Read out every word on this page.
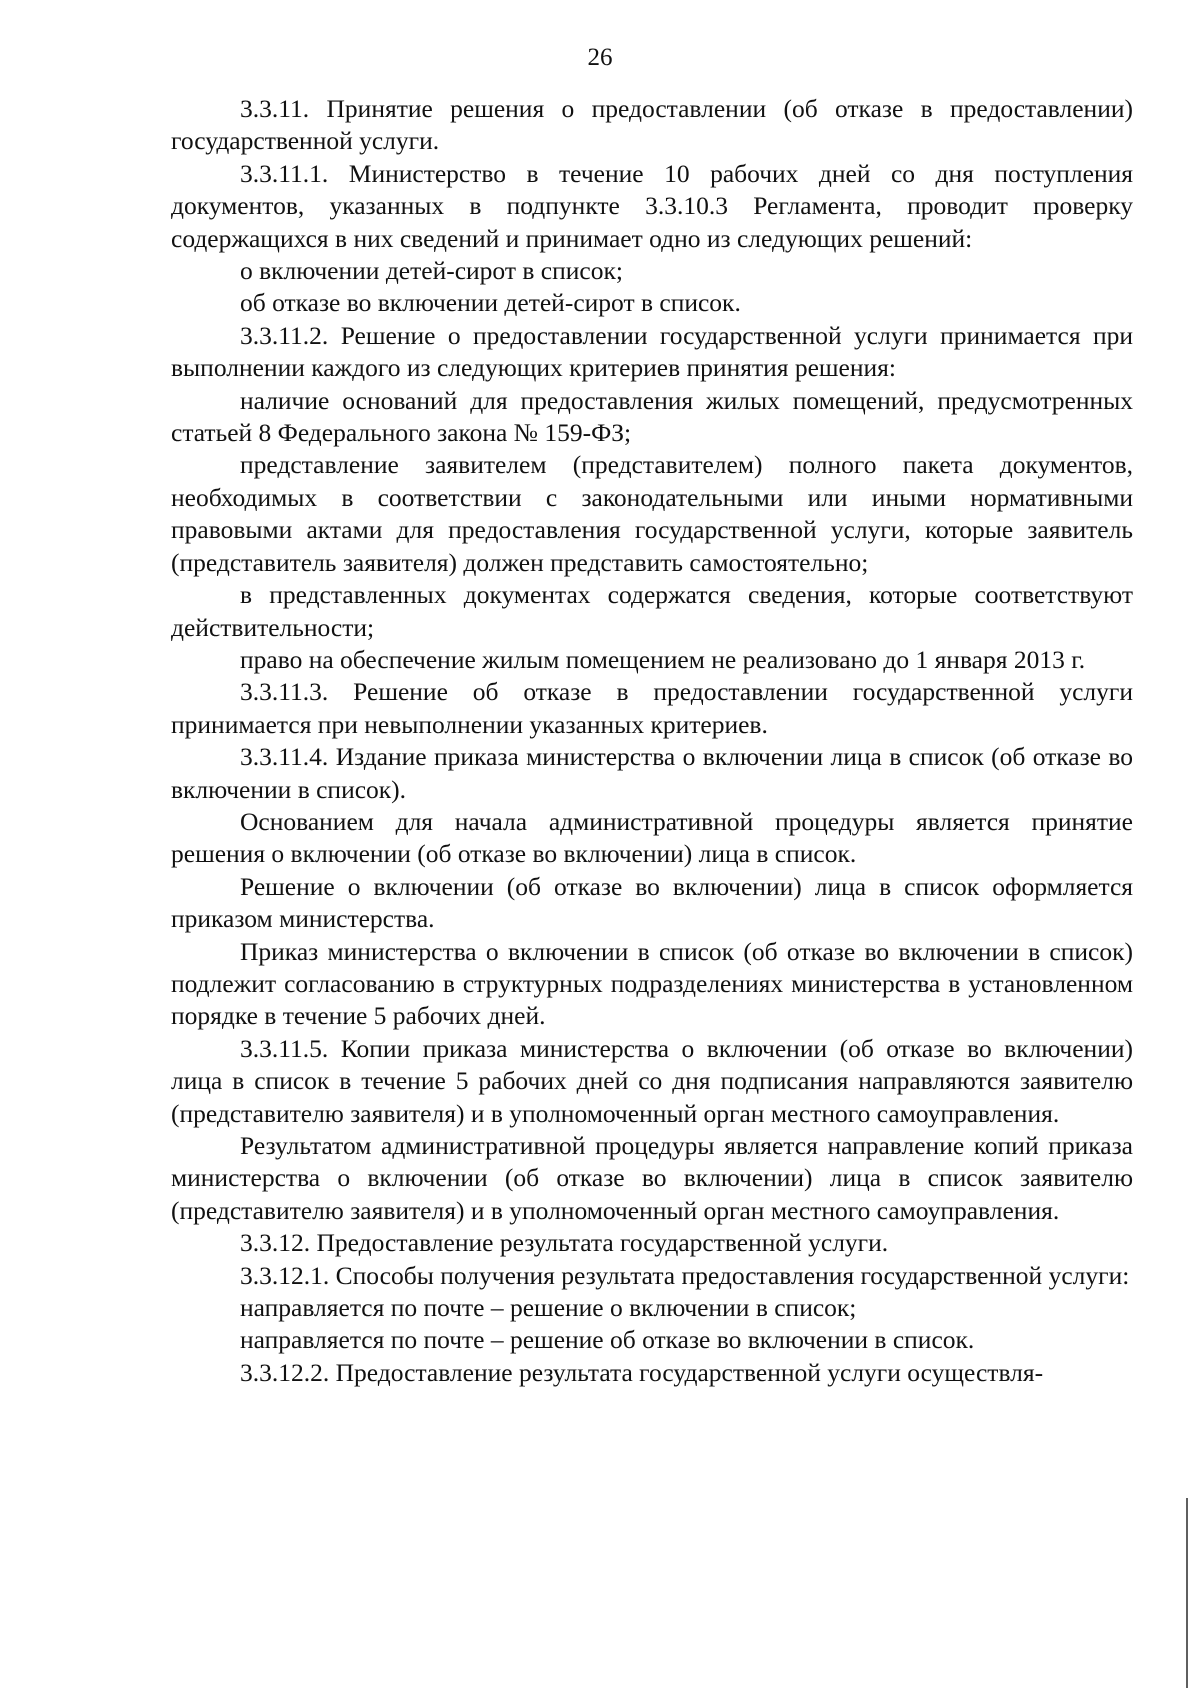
26

3.3.11. Принятие решения о предоставлении (об отказе в предоставлении) государственной услуги.

3.3.11.1. Министерство в течение 10 рабочих дней со дня поступления документов, указанных в подпункте 3.3.10.3 Регламента, проводит проверку содержащихся в них сведений и принимает одно из следующих решений:

о включении детей-сирот в список;

об отказе во включении детей-сирот в список.

3.3.11.2. Решение о предоставлении государственной услуги принимается при выполнении каждого из следующих критериев принятия решения:

наличие оснований для предоставления жилых помещений, предусмотренных статьей 8 Федерального закона № 159-ФЗ;

представление заявителем (представителем) полного пакета документов, необходимых в соответствии с законодательными или иными нормативными правовыми актами для предоставления государственной услуги, которые заявитель (представитель заявителя) должен представить самостоятельно;

в представленных документах содержатся сведения, которые соответствуют действительности;

право на обеспечение жилым помещением не реализовано до 1 января 2013 г.

3.3.11.3. Решение об отказе в предоставлении государственной услуги принимается при невыполнении указанных критериев.

3.3.11.4. Издание приказа министерства о включении лица в список (об отказе во включении в список).

Основанием для начала административной процедуры является принятие решения о включении (об отказе во включении) лица в список.

Решение о включении (об отказе во включении) лица в список оформляется приказом министерства.

Приказ министерства о включении в список (об отказе во включении в список) подлежит согласованию в структурных подразделениях министерства в установленном порядке в течение 5 рабочих дней.

3.3.11.5. Копии приказа министерства о включении (об отказе во включении) лица в список в течение 5 рабочих дней со дня подписания направляются заявителю (представителю заявителя) и в уполномоченный орган местного самоуправления.

Результатом административной процедуры является направление копий приказа министерства о включении (об отказе во включении) лица в список заявителю (представителю заявителя) и в уполномоченный орган местного самоуправления.

3.3.12. Предоставление результата государственной услуги.

3.3.12.1. Способы получения результата предоставления государственной услуги:

направляется по почте – решение о включении в список;

направляется по почте – решение об отказе во включении в список.

3.3.12.2. Предоставление результата государственной услуги осуществля-
